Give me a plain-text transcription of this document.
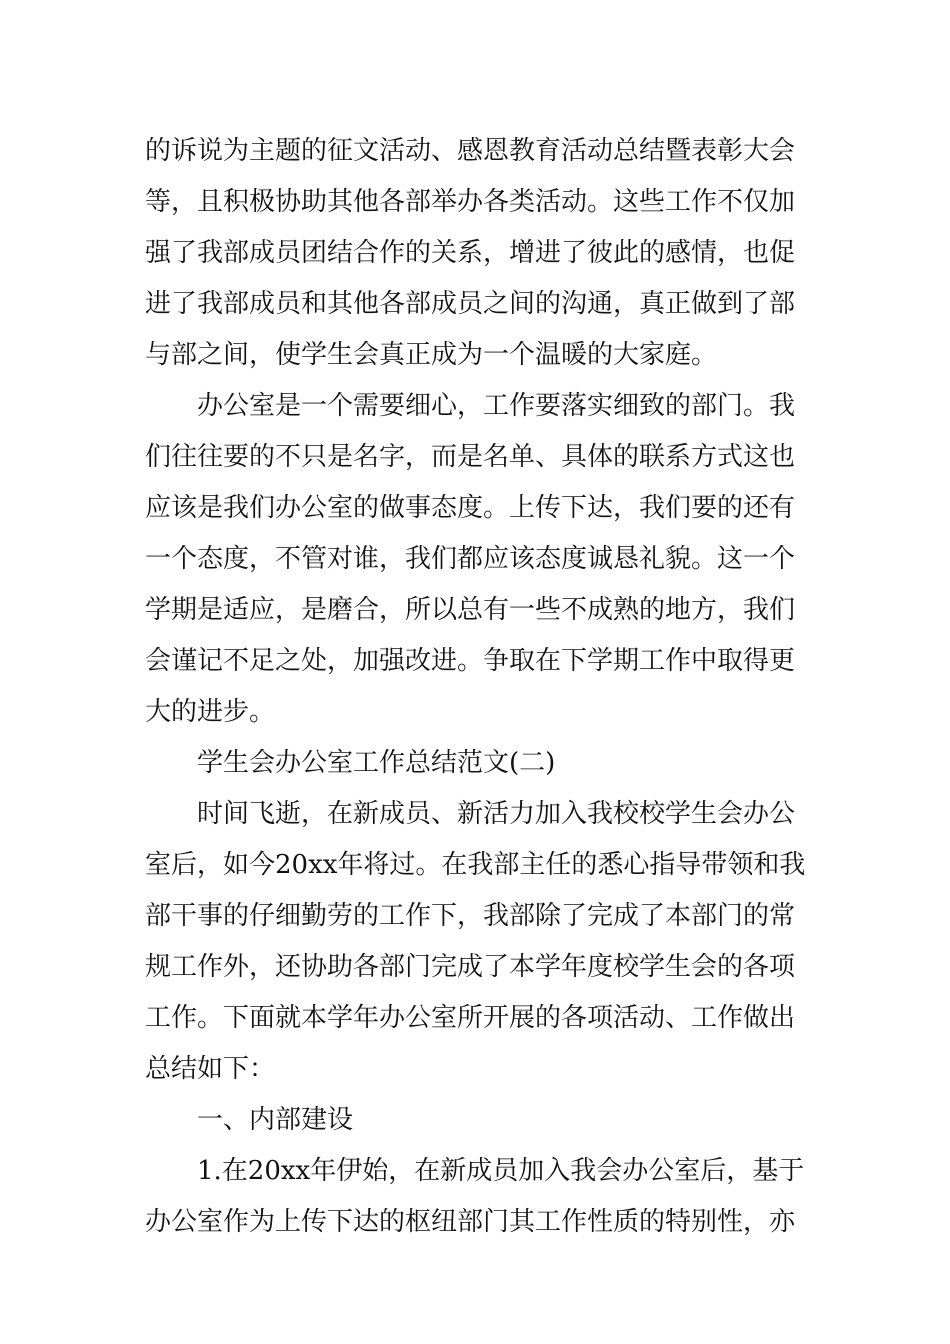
的诉说为主题的征文活动、感恩教育活动总结暨表彰大会
等，且积极协助其他各部举办各类活动。这些工作不仅加
强了我部成员团结合作的关系，增进了彼此的感情，也促
进了我部成员和其他各部成员之间的沟通，真正做到了部
与部之间，使学生会真正成为一个温暖的大家庭。
办公室是一个需要细心，工作要落实细致的部门。我
们往往要的不只是名字，而是名单、具体的联系方式这也
应该是我们办公室的做事态度。上传下达，我们要的还有
一个态度，不管对谁，我们都应该态度诚恳礼貌。这一个
学期是适应，是磨合，所以总有一些不成熟的地方，我们
会谨记不足之处，加强改进。争取在下学期工作中取得更
大的进步。
学生会办公室工作总结范文(二)
时间飞逝，在新成员、新活力加入我校校学生会办公
室后，如今20xx年将过。在我部主任的悉心指导带领和我
部干事的仔细勤劳的工作下，我部除了完成了本部门的常
规工作外，还协助各部门完成了本学年度校学生会的各项
工作。下面就本学年办公室所开展的各项活动、工作做出
总结如下：
一、内部建设
1.在20xx年伊始，在新成员加入我会办公室后，基于
办公室作为上传下达的枢纽部门其工作性质的特别性，亦
